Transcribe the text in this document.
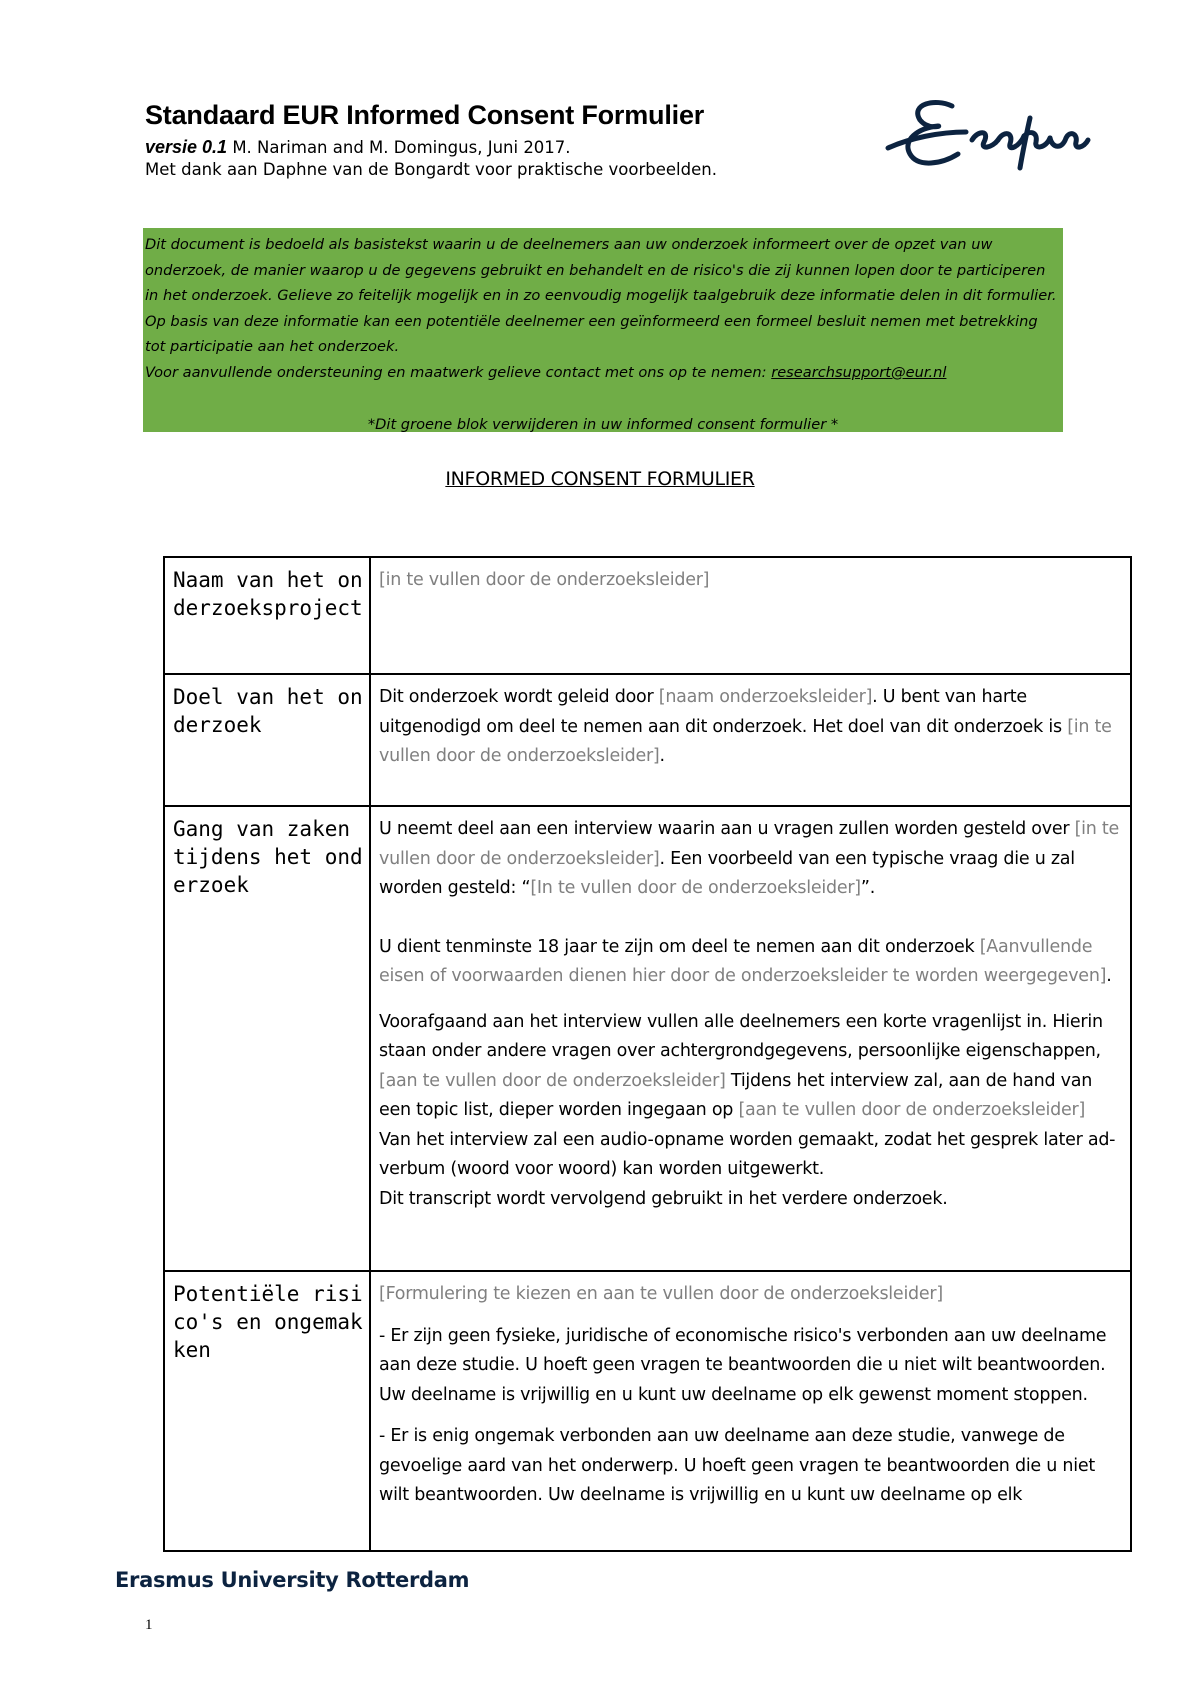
Standaard EUR Informed Consent Formulier
versie 0.1 M. Nariman and M. Domingus, Juni 2017.
Met dank aan Daphne van de Bongardt voor praktische voorbeelden.
Dit document is bedoeld als basistekst waarin u de deelnemers aan uw onderzoek informeert over de opzet van uw onderzoek, de manier waarop u de gegevens gebruikt en behandelt en de risico's die zij kunnen lopen door te participeren in het onderzoek. Gelieve zo feitelijk mogelijk en in zo eenvoudig mogelijk taalgebruik deze informatie delen in dit formulier. Op basis van deze informatie kan een potentiële deelnemer een geïnformeerd een formeel besluit nemen met betrekking tot participatie aan het onderzoek.
Voor aanvullende ondersteuning en maatwerk gelieve contact met ons op te nemen: researchsupport@eur.nl
*Dit groene blok verwijderen in uw informed consent formulier *
INFORMED CONSENT FORMULIER
Naam van het onderzoeksproject	[in te vullen door de onderzoeksleider]
Doel van het onderzoek	Dit onderzoek wordt geleid door [naam onderzoeksleider]. U bent van harte uitgenodigd om deel te nemen aan dit onderzoek. Het doel van dit onderzoek is [in te vullen door de onderzoeksleider].
Gang van zaken tijdens het onderzoek	U neemt deel aan een interview waarin aan u vragen zullen worden gesteld over [in te vullen door de onderzoeksleider]. Een voorbeeld van een typische vraag die u zal worden gesteld: “[In te vullen door de onderzoeksleider]”.

U dient tenminste 18 jaar te zijn om deel te nemen aan dit onderzoek [Aanvullende eisen of voorwaarden dienen hier door de onderzoeksleider te worden weergegeven].

Voorafgaand aan het interview vullen alle deelnemers een korte vragenlijst in. Hierin staan onder andere vragen over achtergrondgegevens, persoonlijke eigenschappen, [aan te vullen door de onderzoeksleider] Tijdens het interview zal, aan de hand van een topic list, dieper worden ingegaan op [aan te vullen door de onderzoeksleider] Van het interview zal een audio-opname worden gemaakt, zodat het gesprek later ad-verbum (woord voor woord) kan worden uitgewerkt.

Dit transcript wordt vervolgend gebruikt in het verdere onderzoek.

Potentiële risico's en ongemakken	[Formulering te kiezen en aan te vullen door de onderzoeksleider]

- Er zijn geen fysieke, juridische of economische risico's verbonden aan uw deelname aan deze studie. U hoeft geen vragen te beantwoorden die u niet wilt beantwoorden. Uw deelname is vrijwillig en u kunt uw deelname op elk gewenst moment stoppen.

- Er is enig ongemak verbonden aan uw deelname aan deze studie, vanwege de gevoelige aard van het onderwerp. U hoeft geen vragen te beantwoorden die u niet wilt beantwoorden. Uw deelname is vrijwillig en u kunt uw deelname op elk

Erasmus University Rotterdam
1
